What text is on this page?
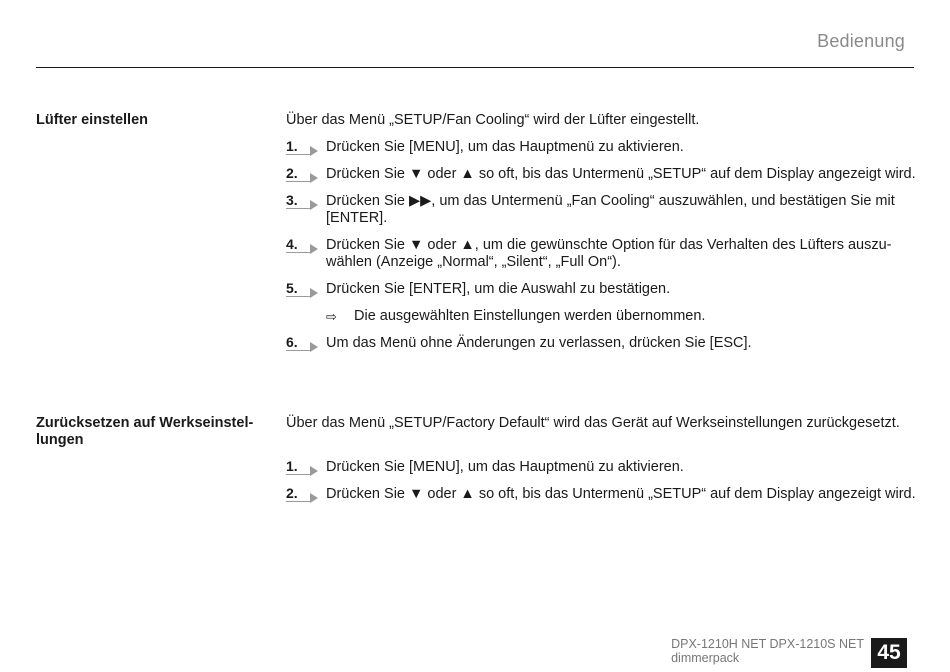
Bedienung
Lüfter einstellen	Über das Menü „SETUP/Fan Cooling“ wird der Lüfter eingestellt.

1. Drücken Sie [MENU], um das Hauptmenü zu aktivieren.
2. Drücken Sie ▼ oder ▲ so oft, bis das Untermenü „SETUP“ auf dem Display angezeigt wird.
3. Drücken Sie ▶▶, um das Untermenü „Fan Cooling“ auszuwählen, und bestätigen Sie mit [ENTER].
4. Drücken Sie ▼ oder ▲, um die gewünschte Option für das Verhalten des Lüfters auszu- wählen (Anzeige „Normal“, „Silent“, „Full On“).
5. Drücken Sie [ENTER], um die Auswahl zu bestätigen.
⇨	Die ausgewählten Einstellungen werden übernommen.
6. Um das Menü ohne Änderungen zu verlassen, drücken Sie [ESC].
Zurücksetzen auf Werkseinstel- lungen

Über das Menü „SETUP/Factory Default“ wird das Gerät auf Werkseinstellungen zurückgesetzt.

1. Drücken Sie [MENU], um das Hauptmenü zu aktivieren.
2. Drücken Sie ▼ oder ▲ so oft, bis das Untermenü „SETUP“ auf dem Display angezeigt wird.
DPX-1210H NET DPX-1210S NET
dimmerpack	45
